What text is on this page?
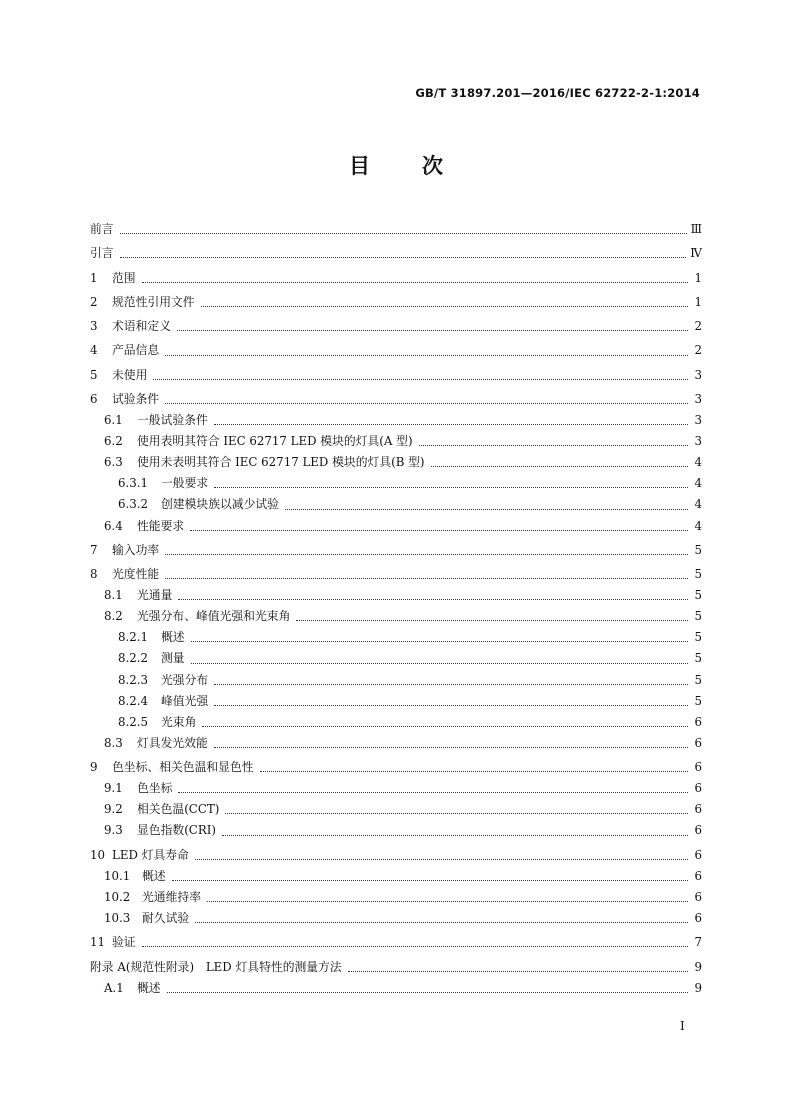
GB/T 31897.201—2016/IEC 62722-2-1:2014
目次
前言	Ⅲ
引言	Ⅳ
1	范围	1
2	规范性引用文件	1
3	术语和定义	2
4	产品信息	2
5	未使用	3
6	试验条件	3
6.1	一般试验条件	3
6.2	使用表明其符合 IEC 62717 LED 模块的灯具(A 型)	3
6.3	使用未表明其符合 IEC 62717 LED 模块的灯具(B 型)	4
6.3.1	一般要求	4
6.3.2	创建模块族以减少试验	4
6.4	性能要求	4
7	输入功率	5
8	光度性能	5
8.1	光通量	5
8.2	光强分布、峰值光强和光束角	5
8.2.1	概述	5
8.2.2	测量	5
8.2.3	光强分布	5
8.2.4	峰值光强	5
8.2.5	光束角	6
8.3	灯具发光效能	6
9	色坐标、相关色温和显色性	6
9.1	色坐标	6
9.2	相关色温(CCT)	6
9.3	显色指数(CRI)	6
10 LED 灯具寿命	6
10.1 概述	6
10.2 光通维持率	6
10.3 耐久试验	6
11 验证	7
附录 A(规范性附录)　LED 灯具特性的测量方法	9
A.1	概述	9
I
